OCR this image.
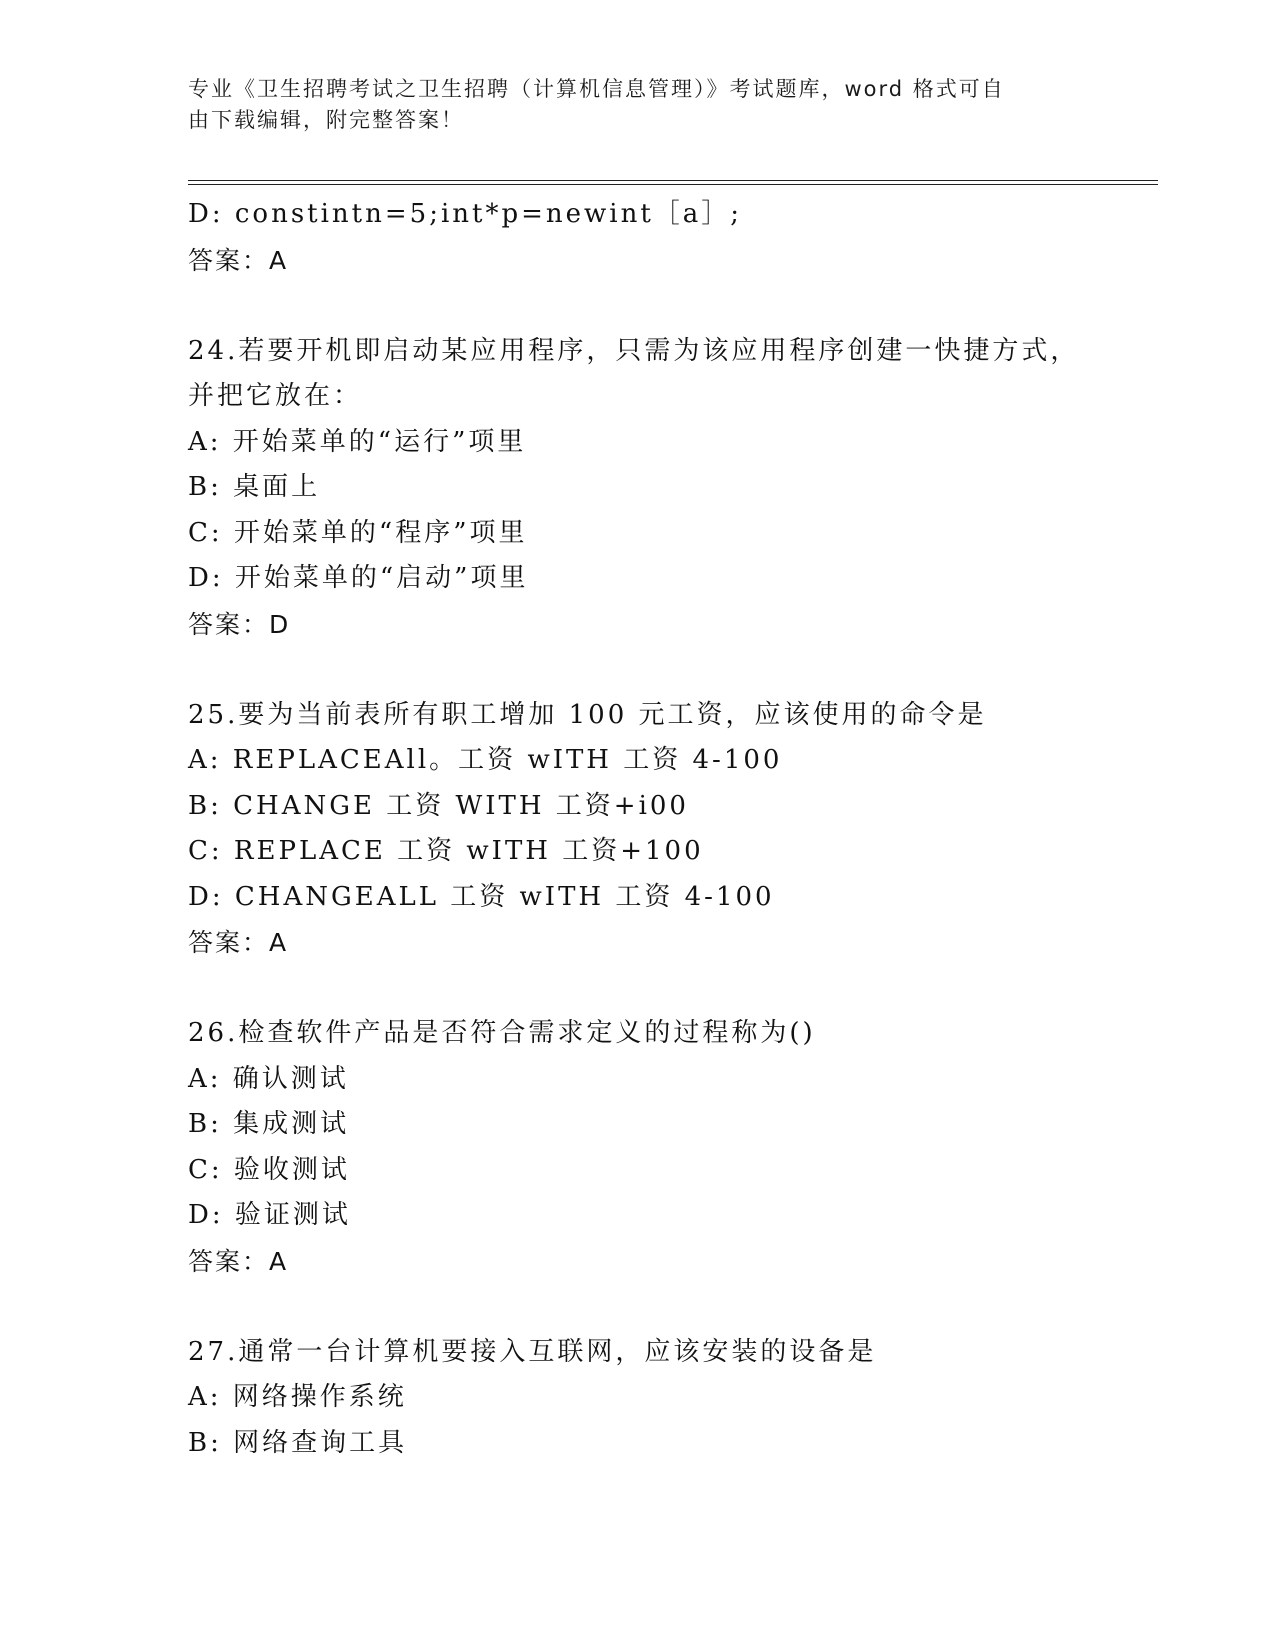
专业《卫生招聘考试之卫生招聘（计算机信息管理）》考试题库，word 格式可自
由下载编辑，附完整答案！
D: constintn=5;int*p=newint［a］;
答案：A
24.若要开机即启动某应用程序，只需为该应用程序创建一快捷方式，
并把它放在：
A: 开始菜单的“运行”项里
B: 桌面上
C: 开始菜单的“程序”项里
D: 开始菜单的“启动”项里
答案：D
25.要为当前表所有职工增加 100 元工资，应该使用的命令是
A: REPLACEAll。工资 wITH 工资 4-100
B: CHANGE 工资 WITH 工资+i00
C: REPLACE 工资 wITH 工资+100
D: CHANGEALL 工资 wITH 工资 4-100
答案：A
26.检查软件产品是否符合需求定义的过程称为()
A: 确认测试
B: 集成测试
C: 验收测试
D: 验证测试
答案：A
27.通常一台计算机要接入互联网，应该安装的设备是
A: 网络操作系统
B: 网络查询工具
